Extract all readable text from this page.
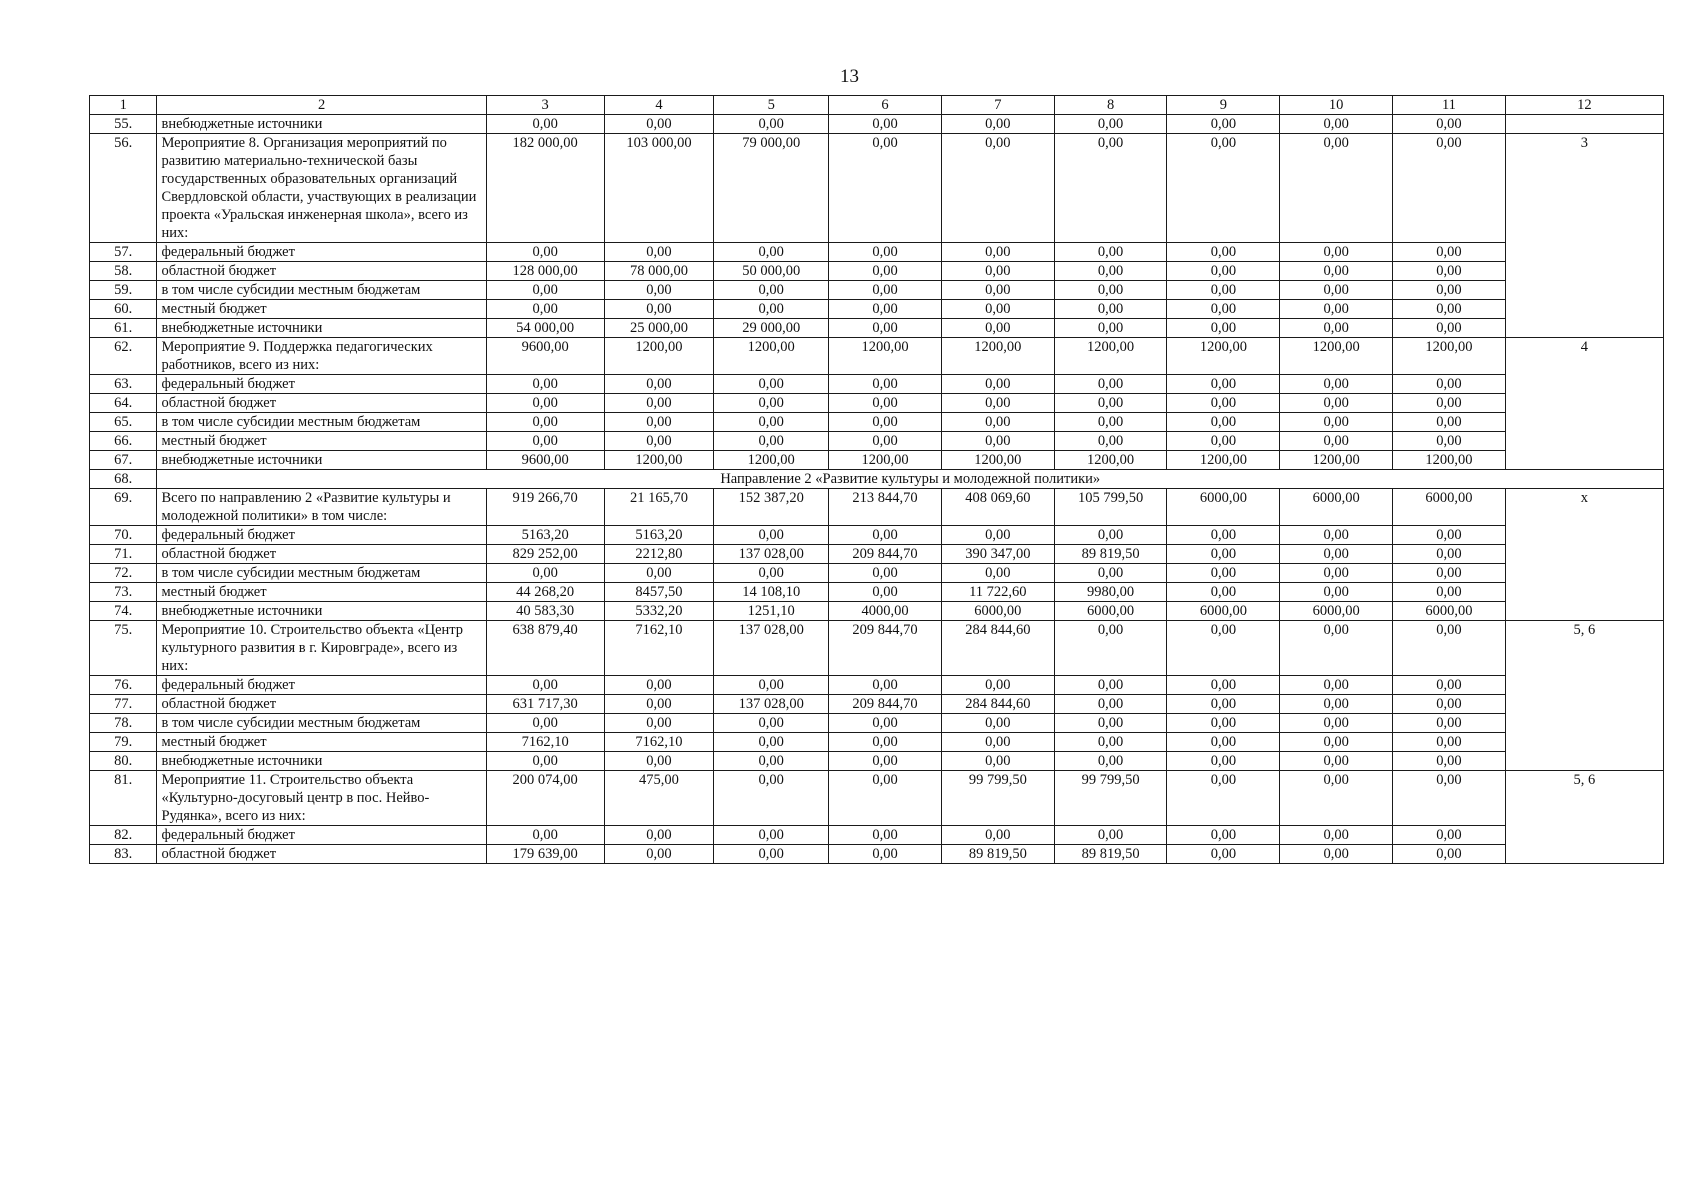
13
1	2	3	4	5	6	7	8	9	10	11	12
55.	внебюджетные источники	0,00	0,00	0,00	0,00	0,00	0,00	0,00	0,00	0,00	
56.	Мероприятие 8. Организация мероприятий по развитию материально-технической базы государственных образовательных организаций Свердловской области, участвующих в реализации проекта «Уральская инженерная школа», всего из них:	182 000,00	103 000,00	79 000,00	0,00	0,00	0,00	0,00	0,00	0,00	3
57.	федеральный бюджет	0,00	0,00	0,00	0,00	0,00	0,00	0,00	0,00	0,00	
58.	областной бюджет	128 000,00	78 000,00	50 000,00	0,00	0,00	0,00	0,00	0,00	0,00	
59.	в том числе субсидии местным бюджетам	0,00	0,00	0,00	0,00	0,00	0,00	0,00	0,00	0,00	
60.	местный бюджет	0,00	0,00	0,00	0,00	0,00	0,00	0,00	0,00	0,00	
61.	внебюджетные источники	54 000,00	25 000,00	29 000,00	0,00	0,00	0,00	0,00	0,00	0,00	
62.	Мероприятие 9. Поддержка педагогических работников, всего из них:	9600,00	1200,00	1200,00	1200,00	1200,00	1200,00	1200,00	1200,00	1200,00	4
63.	федеральный бюджет	0,00	0,00	0,00	0,00	0,00	0,00	0,00	0,00	0,00	
64.	областной бюджет	0,00	0,00	0,00	0,00	0,00	0,00	0,00	0,00	0,00	
65.	в том числе субсидии местным бюджетам	0,00	0,00	0,00	0,00	0,00	0,00	0,00	0,00	0,00	
66.	местный бюджет	0,00	0,00	0,00	0,00	0,00	0,00	0,00	0,00	0,00	
67.	внебюджетные источники	9600,00	1200,00	1200,00	1200,00	1200,00	1200,00	1200,00	1200,00	1200,00	
68.	Направление 2 «Развитие культуры и молодежной политики»										
69.	Всего по направлению 2 «Развитие культуры и молодежной политики» в том числе:	919 266,70	21 165,70	152 387,20	213 844,70	408 069,60	105 799,50	6000,00	6000,00	6000,00	x
70.	федеральный бюджет	5163,20	5163,20	0,00	0,00	0,00	0,00	0,00	0,00	0,00	
71.	областной бюджет	829 252,00	2212,80	137 028,00	209 844,70	390 347,00	89 819,50	0,00	0,00	0,00	
72.	в том числе субсидии местным бюджетам	0,00	0,00	0,00	0,00	0,00	0,00	0,00	0,00	0,00	
73.	местный бюджет	44 268,20	8457,50	14 108,10	0,00	11 722,60	9980,00	0,00	0,00	0,00	
74.	внебюджетные источники	40 583,30	5332,20	1251,10	4000,00	6000,00	6000,00	6000,00	6000,00	6000,00	
75.	Мероприятие 10. Строительство объекта «Центр культурного развития в г. Кировграде», всего из них:	638 879,40	7162,10	137 028,00	209 844,70	284 844,60	0,00	0,00	0,00	0,00	5, 6
76.	федеральный бюджет	0,00	0,00	0,00	0,00	0,00	0,00	0,00	0,00	0,00	
77.	областной бюджет	631 717,30	0,00	137 028,00	209 844,70	284 844,60	0,00	0,00	0,00	0,00	
78.	в том числе субсидии местным бюджетам	0,00	0,00	0,00	0,00	0,00	0,00	0,00	0,00	0,00	
79.	местный бюджет	7162,10	7162,10	0,00	0,00	0,00	0,00	0,00	0,00	0,00	
80.	внебюджетные источники	0,00	0,00	0,00	0,00	0,00	0,00	0,00	0,00	0,00	
81.	Мероприятие 11. Строительство объекта «Культурно-досуговый центр в пос. Нейво-Рудянка», всего из них:	200 074,00	475,00	0,00	0,00	99 799,50	99 799,50	0,00	0,00	0,00	5, 6
82.	федеральный бюджет	0,00	0,00	0,00	0,00	0,00	0,00	0,00	0,00	0,00	
83.	областной бюджет	179 639,00	0,00	0,00	0,00	89 819,50	89 819,50	0,00	0,00	0,00	
